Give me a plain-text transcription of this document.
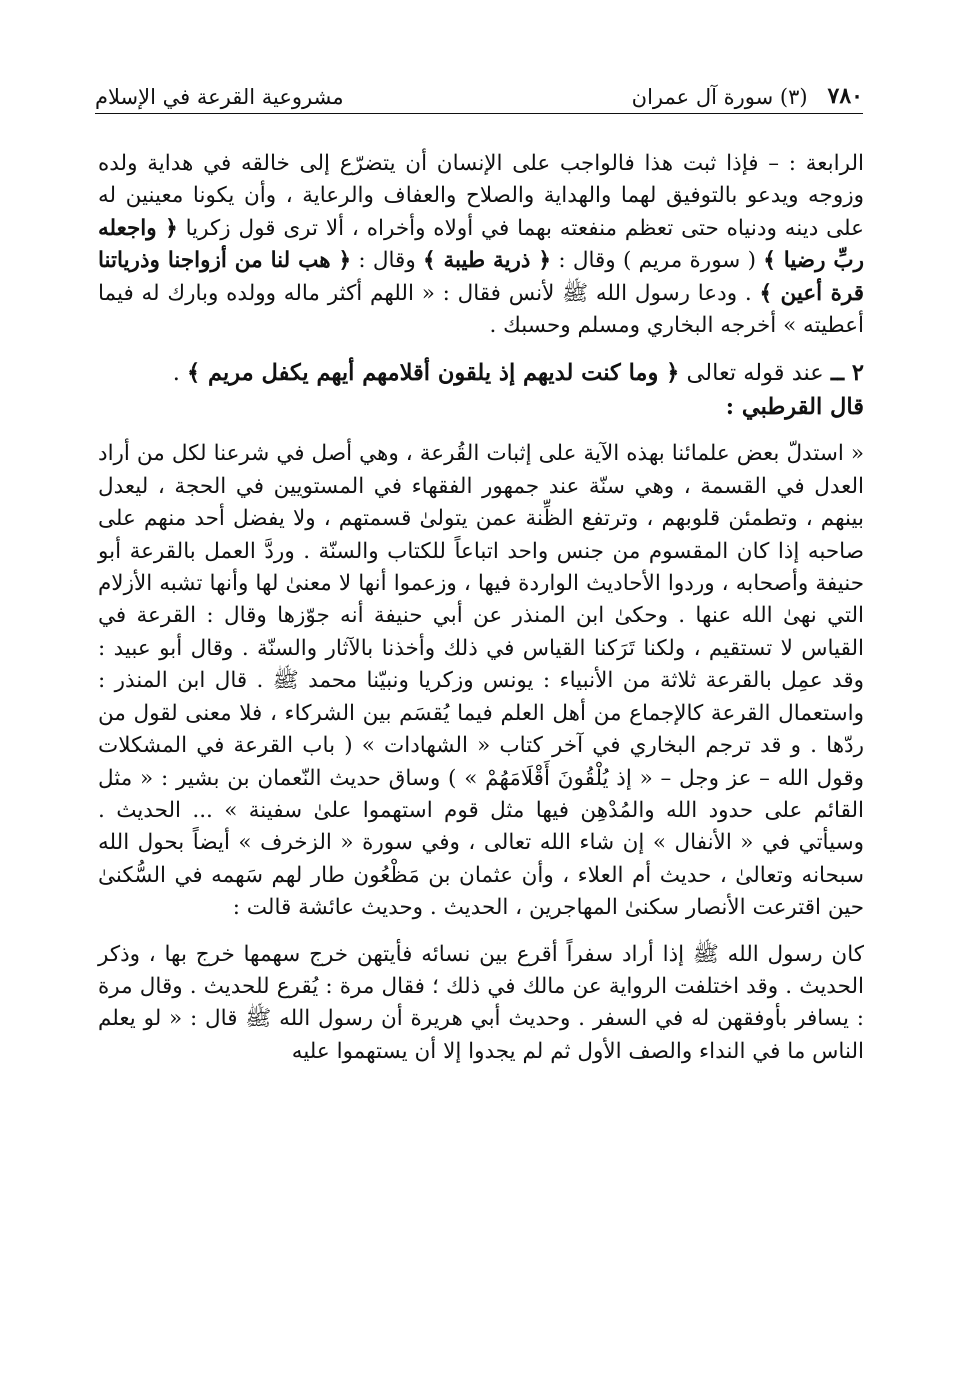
٧٨٠
(٣) سورة آل عمران
مشروعية القرعة في الإسلام

الرابعة : – فإذا ثبت هذا فالواجب على الإنسان أن يتضرّع إلى خالقه في هداية ولده وزوجه ويدعو بالتوفيق لهما والهداية والصلاح والعفاف والرعاية ، وأن يكونا معينين له على دينه ودنياه حتى تعظم منفعته بهما في أولاه وأخراه ، ألا ترى قول زكريا ﴿ واجعله ربِّ رضيا ﴾ ( سورة مريم ) وقال : ﴿ ذرية طيبة ﴾ وقال : ﴿ هب لنا من أزواجنا وذرياتنا قرة أعين ﴾ . ودعا رسول الله ﷺ لأنس فقال : « اللهم أكثر ماله وولده وبارك له فيما أعطيته » أخرجه البخاري ومسلم وحسبك .

٢ ــ عند قوله تعالى ﴿ وما كنت لديهم إذ يلقون أقلامهم أيهم يكفل مريم ﴾ .
قال القرطبي :

« استدلّ بعض علمائنا بهذه الآية على إثبات القُرعة ، وهي أصل في شرعنا لكل من أراد العدل في القسمة ، وهي سنّة عند جمهور الفقهاء في المستويين في الحجة ، ليعدل بينهم ، وتطمئن قلوبهم ، وترتفع الظِّنة عمن يتولىٰ قسمتهم ، ولا يفضل أحد منهم على صاحبه إذا كان المقسوم من جنس واحد اتباعاً للكتاب والسنّة . وردَّ العمل بالقرعة أبو حنيفة وأصحابه ، وردوا الأحاديث الواردة فيها ، وزعموا أنها لا معنىٰ لها وأنها تشبه الأزلام التي نهىٰ الله عنها . وحكىٰ ابن المنذر عن أبي حنيفة أنه جوّزها وقال : القرعة في القياس لا تستقيم ، ولكنا تَرَكنا القياس في ذلك وأخذنا بالآثار والسنّة . وقال أبو عبيد : وقد عمِل بالقرعة ثلاثة من الأنبياء : يونس وزكريا ونبيّنا محمد ﷺ . قال ابن المنذر : واستعمال القرعة كالإجماع من أهل العلم فيما يُقسَم بين الشركاء ، فلا معنى لقول من ردّها . و قد ترجم البخاري في آخر كتاب « الشهادات » ( باب القرعة في المشكلات وقول الله – عز وجل – « إذ يُلْقُونَ أَقْلَامَهُمْ » ) وساق حديث النّعمان بن بشير : « مثل القائم على حدود الله والمُدْهِن فيها مثل قوم استهموا علىٰ سفينة » ... الحديث . وسيأتي في « الأنفال » إن شاء الله تعالى ، وفي سورة « الزخرف » أيضاً بحول الله سبحانه وتعالىٰ ، حديث أم العلاء ، وأن عثمان بن مَظْعُون طار لهم سَهمه في السُّكنىٰ حين اقترعت الأنصار سكنىٰ المهاجرين ، الحديث . وحديث عائشة قالت :

كان رسول الله ﷺ إذا أراد سفراً أقرع بين نسائه فأيتهن خرج سهمها خرج بها ، وذكر الحديث . وقد اختلفت الرواية عن مالك في ذلك ؛ فقال مرة : يُقرع للحديث . وقال مرة : يسافر بأوفقهن له في السفر . وحديث أبي هريرة أن رسول الله ﷺ قال : « لو يعلم الناس ما في النداء والصف الأول ثم لم يجدوا إلا أن يستهموا عليه
